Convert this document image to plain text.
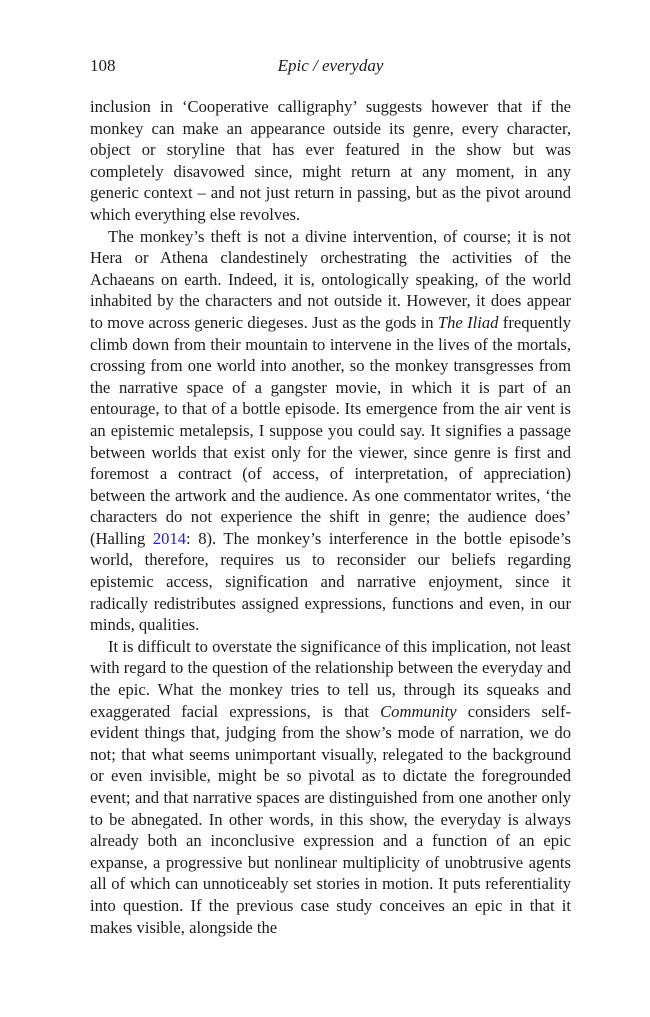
108	Epic / everyday

inclusion in ‘Cooperative calligraphy’ suggests however that if the monkey can make an appearance outside its genre, every character, object or storyline that has ever featured in the show but was completely disavowed since, might return at any moment, in any generic context – and not just return in passing, but as the pivot around which everything else revolves.

The monkey’s theft is not a divine intervention, of course; it is not Hera or Athena clandestinely orchestrating the activities of the Achaeans on earth. Indeed, it is, ontologically speaking, of the world inhabited by the characters and not outside it. However, it does appear to move across generic diegeses. Just as the gods in The Iliad frequently climb down from their mountain to intervene in the lives of the mortals, crossing from one world into another, so the monkey transgresses from the narrative space of a gangster movie, in which it is part of an entourage, to that of a bottle episode. Its emergence from the air vent is an epistemic metalepsis, I suppose you could say. It signifies a passage between worlds that exist only for the viewer, since genre is first and foremost a contract (of access, of interpretation, of appreciation) between the artwork and the audience. As one commentator writes, ‘the characters do not experience the shift in genre; the audience does’ (Halling 2014: 8). The monkey’s interference in the bottle episode’s world, therefore, requires us to reconsider our beliefs regarding epistemic access, signification and narrative enjoyment, since it radically redistributes assigned expressions, functions and even, in our minds, qualities.

It is difficult to overstate the significance of this implication, not least with regard to the question of the relationship between the everyday and the epic. What the monkey tries to tell us, through its squeaks and exaggerated facial expressions, is that Community considers self-evident things that, judging from the show’s mode of narration, we do not; that what seems unimportant visually, relegated to the background or even invisible, might be so pivotal as to dictate the foregrounded event; and that narrative spaces are distinguished from one another only to be abnegated. In other words, in this show, the everyday is always already both an inconclusive expression and a function of an epic expanse, a progressive but nonlinear multiplicity of unobtrusive agents all of which can unnoticeably set stories in motion. It puts referentiality into question. If the previous case study conceives an epic in that it makes visible, alongside the
